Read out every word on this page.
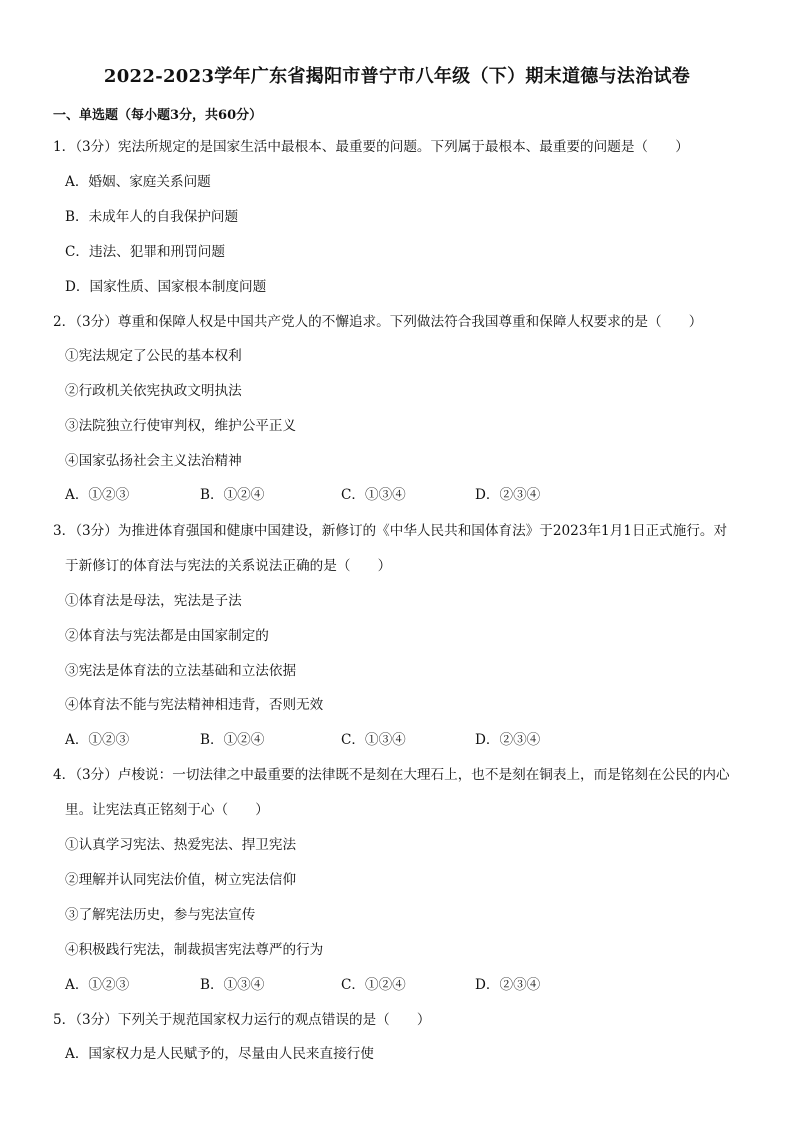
2022-2023学年广东省揭阳市普宁市八年级（下）期末道德与法治试卷
一、单选题（每小题3分，共60分）
1．（3分）宪法所规定的是国家生活中最根本、最重要的问题。下列属于最根本、最重要的问题是（　　）
A．婚姻、家庭关系问题
B．未成年人的自我保护问题
C．违法、犯罪和刑罚问题
D．国家性质、国家根本制度问题
2．（3分）尊重和保障人权是中国共产党人的不懈追求。下列做法符合我国尊重和保障人权要求的是（　　）
①宪法规定了公民的基本权利
②行政机关依宪执政文明执法
③法院独立行使审判权，维护公平正义
④国家弘扬社会主义法治精神
A．①②③	B．①②④	C．①③④	D．②③④
3．（3分）为推进体育强国和健康中国建设，新修订的《中华人民共和国体育法》于2023年1月1日正式施行。对
于新修订的体育法与宪法的关系说法正确的是（　　）
①体育法是母法，宪法是子法
②体育法与宪法都是由国家制定的
③宪法是体育法的立法基础和立法依据
④体育法不能与宪法精神相违背，否则无效
A．①②③	B．①②④	C．①③④	D．②③④
4．（3分）卢梭说：一切法律之中最重要的法律既不是刻在大理石上，也不是刻在铜表上，而是铭刻在公民的内心
里。让宪法真正铭刻于心（　　）
①认真学习宪法、热爱宪法、捍卫宪法
②理解并认同宪法价值，树立宪法信仰
③了解宪法历史，参与宪法宣传
④积极践行宪法，制裁损害宪法尊严的行为
A．①②③	B．①③④	C．①②④	D．②③④
5．（3分）下列关于规范国家权力运行的观点错误的是（　　）
A．国家权力是人民赋予的，尽量由人民来直接行使
